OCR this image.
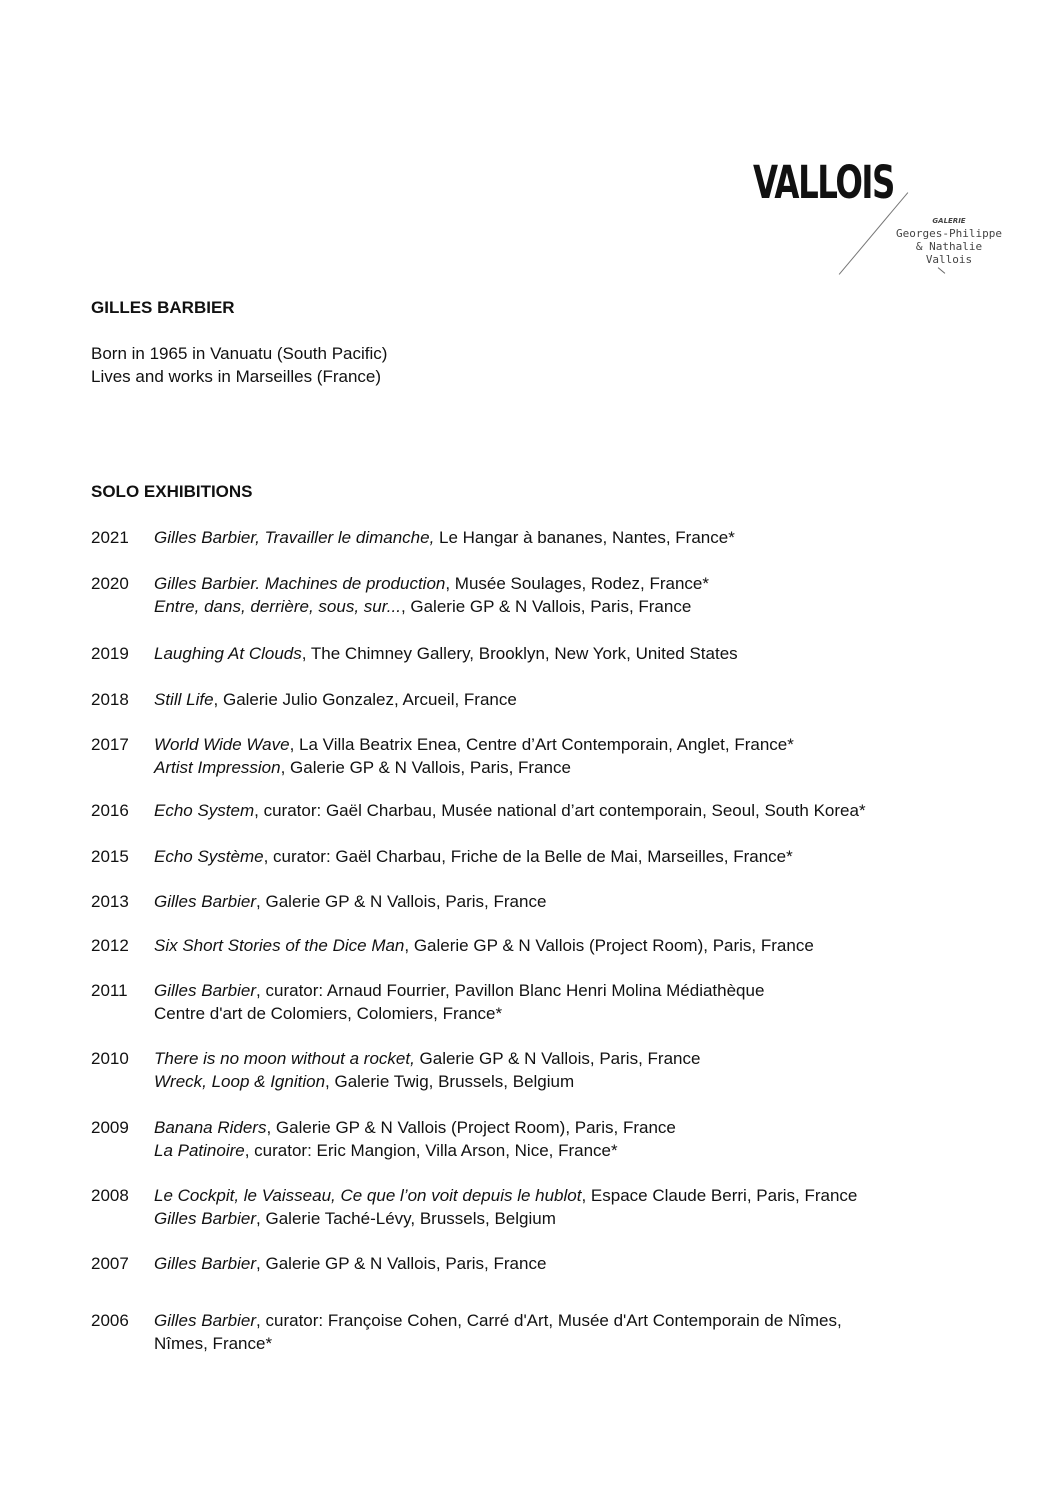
VALLOIS
GALERIE
Georges-Philippe
& Nathalie
Vallois
GILLES BARBIER
Born in 1965 in Vanuatu (South Pacific)
Lives and works in Marseilles (France)
SOLO EXHIBITIONS
2021	Gilles Barbier, Travailler le dimanche, Le Hangar à bananes, Nantes, France*
2020	Gilles Barbier. Machines de production, Musée Soulages, Rodez, France*
Entre, dans, derrière, sous, sur..., Galerie GP & N Vallois, Paris, France
2019	Laughing At Clouds, The Chimney Gallery, Brooklyn, New York, United States
2018	Still Life, Galerie Julio Gonzalez, Arcueil, France
2017	World Wide Wave, La Villa Beatrix Enea, Centre d’Art Contemporain, Anglet, France*
Artist Impression, Galerie GP & N Vallois, Paris, France
2016	Echo System, curator: Gaël Charbau, Musée national d’art contemporain, Seoul, South Korea*
2015	Echo Système, curator: Gaël Charbau, Friche de la Belle de Mai, Marseilles, France*
2013	Gilles Barbier, Galerie GP & N Vallois, Paris, France
2012	Six Short Stories of the Dice Man, Galerie GP & N Vallois (Project Room), Paris, France
2011	Gilles Barbier, curator: Arnaud Fourrier, Pavillon Blanc Henri Molina Médiathèque
Centre d'art de Colomiers, Colomiers, France*
2010	There is no moon without a rocket, Galerie GP & N Vallois, Paris, France
Wreck, Loop & Ignition, Galerie Twig, Brussels, Belgium
2009	Banana Riders, Galerie GP & N Vallois (Project Room), Paris, France
La Patinoire, curator: Eric Mangion, Villa Arson, Nice, France*
2008	Le Cockpit, le Vaisseau, Ce que l’on voit depuis le hublot, Espace Claude Berri, Paris, France
Gilles Barbier, Galerie Taché-Lévy, Brussels, Belgium
2007	Gilles Barbier, Galerie GP & N Vallois, Paris, France
2006	Gilles Barbier, curator: Françoise Cohen, Carré d'Art, Musée d'Art Contemporain de Nîmes,
Nîmes, France*
